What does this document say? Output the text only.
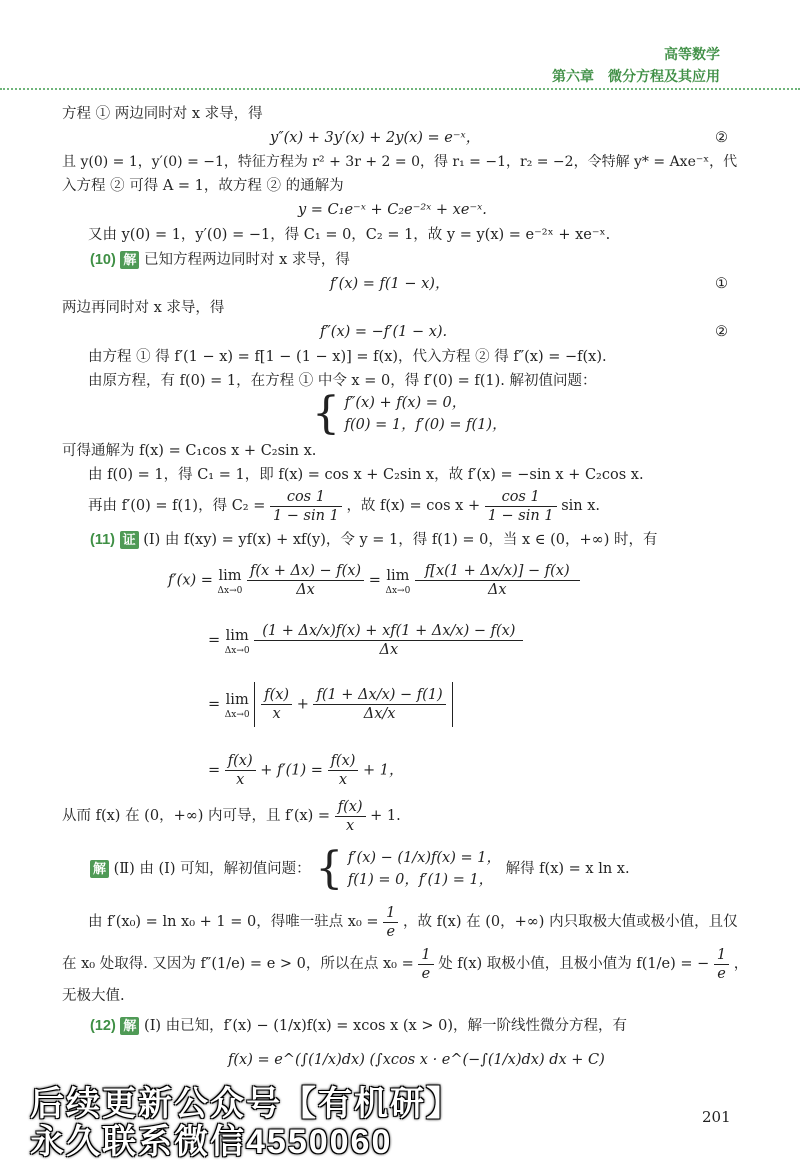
高等数学
第六章　微分方程及其应用
方程 ① 两边同时对 x 求导，得
y″(x) + 3y′(x) + 2y(x) = e⁻ˣ，	②
且 y(0) = 1，y′(0) = −1，特征方程为 r² + 3r + 2 = 0，得 r₁ = −1，r₂ = −2，令特解 y* = Axe⁻ˣ，代
入方程 ② 可得 A = 1，故方程 ② 的通解为
y = C₁e⁻ˣ + C₂e⁻²ˣ + xe⁻ˣ.
又由 y(0) = 1，y′(0) = −1，得 C₁ = 0，C₂ = 1，故 y = y(x) = e⁻²ˣ + xe⁻ˣ.
(10) 解 已知方程两边同时对 x 求导，得
f′(x) = f(1 − x)，	①
两边再同时对 x 求导，得
f″(x) = −f′(1 − x).	②
由方程 ① 得 f′(1 − x) = f[1 − (1 − x)] = f(x)，代入方程 ② 得 f″(x) = −f(x).
由原方程，有 f(0) = 1，在方程 ① 中令 x = 0，得 f′(0) = f(1). 解初值问题：
{ f″(x) + f(x) = 0，
f(0) = 1，f′(0) = f(1)，
可得通解为 f(x) = C₁cos x + C₂sin x.
由 f(0) = 1，得 C₁ = 1，即 f(x) = cos x + C₂sin x，故 f′(x) = −sin x + C₂cos x.
再由 f′(0) = f(1)，得 $C_2 = \frac{\cos 1}{1 - \sin 1}$ ，故 $f(x) = \cos x + \frac{\cos 1}{1 - \sin 1}$ sin x.
(11) 证 (Ⅰ) 由 f(xy) = yf(x) + xf(y)，令 y = 1，得 f(1) = 0，当 x ∈ (0，+∞) 时，有
f′(x) = lim
Δx→0
$\frac{f(x + \Delta x) - f(x)}{\Delta x} = \lim$
Δx→0
$\frac{f[x(1 + \Delta x/x)] - f(x)}{\Delta x}$
= lim
Δx→0
$\frac{(1 + \Delta x/x)f(x) + xf(1 + \Delta x/x) - f(x)}{\Delta x}$
= lim
Δx→0
$\frac{f(x)}{x} + \frac{f(1 + \Delta x/x) - f(1)}{\Delta x/x}$
= $\frac{f(x)}{x} + f'(1) = \frac{f(x)}{x} + 1$，
从而 f(x) 在 (0，+∞) 内可导，且 $f'(x) = \frac{f(x)}{x} + 1$.
解 (Ⅱ) 由 (Ⅰ) 可知，解初值问题： { f′(x) − (1/x)f(x) = 1，
f(1) = 0，f′(1) = 1，
解得 f(x) = x ln x.
由 f′(x₀) = ln x₀ + 1 = 0，得唯一驻点 $x_0 = \frac{1}{e}$ ，故 f(x) 在 (0，+∞) 内只取极大值或极小值，且仅
在 x₀ 处取得. 又因为 f″(1/e) = e > 0，所以在点 $x_0 = \frac{1}{e}$ 处 f(x) 取极小值，且极小值为 f(1/e) = − $\frac{1}{e}$ ，
无极大值.
(12) 解 (Ⅰ) 由已知，f′(x) − (1/x)f(x) = xcos x (x > 0)，解一阶线性微分方程，有
f(x) = e^(∫(1/x)dx) (∫xcos x · e^(−∫(1/x)dx) dx + C)
后续更新公众号【有机研】
永久联系微信4550060
201
